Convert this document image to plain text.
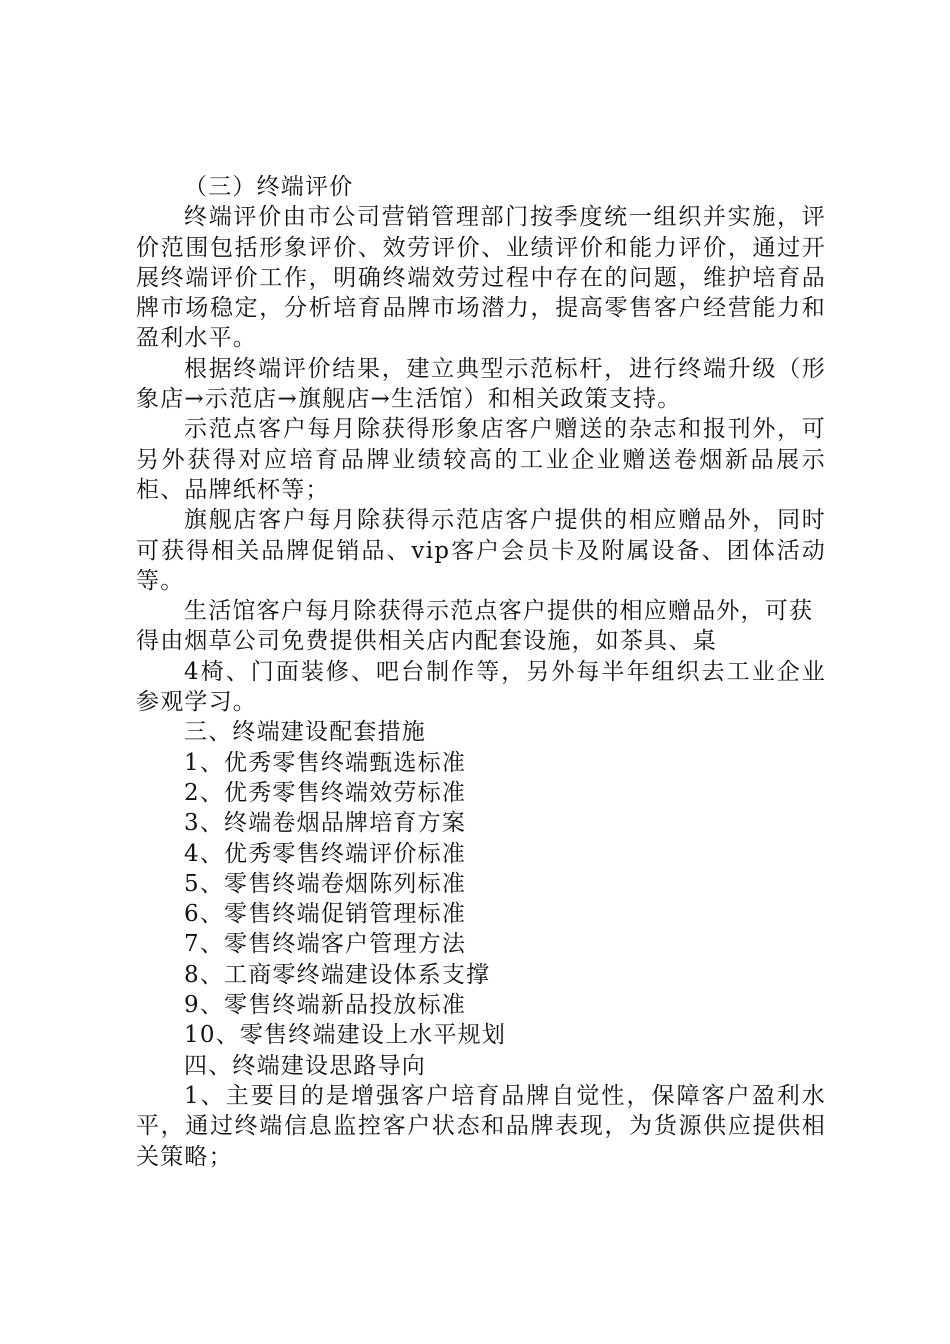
（三）终端评价

终端评价由市公司营销管理部门按季度统一组织并实施，评价范围包括形象评价、效劳评价、业绩评价和能力评价，通过开展终端评价工作，明确终端效劳过程中存在的问题，维护培育品牌市场稳定，分析培育品牌市场潜力，提高零售客户经营能力和盈利水平。

根据终端评价结果，建立典型示范标杆，进行终端升级（形象店→示范店→旗舰店→生活馆）和相关政策支持。

示范点客户每月除获得形象店客户赠送的杂志和报刊外，可另外获得对应培育品牌业绩较高的工业企业赠送卷烟新品展示柜、品牌纸杯等；

旗舰店客户每月除获得示范店客户提供的相应赠品外，同时可获得相关品牌促销品、vip客户会员卡及附属设备、团体活动等。

生活馆客户每月除获得示范点客户提供的相应赠品外，可获得由烟草公司免费提供相关店内配套设施，如茶具、桌

4椅、门面装修、吧台制作等，另外每半年组织去工业企业参观学习。

三、终端建设配套措施

1、优秀零售终端甄选标准

2、优秀零售终端效劳标准

3、终端卷烟品牌培育方案

4、优秀零售终端评价标准

5、零售终端卷烟陈列标准

6、零售终端促销管理标准

7、零售终端客户管理方法

8、工商零终端建设体系支撑

9、零售终端新品投放标准

10、零售终端建设上水平规划

四、终端建设思路导向

1、主要目的是增强客户培育品牌自觉性，保障客户盈利水平，通过终端信息监控客户状态和品牌表现，为货源供应提供相关策略；
